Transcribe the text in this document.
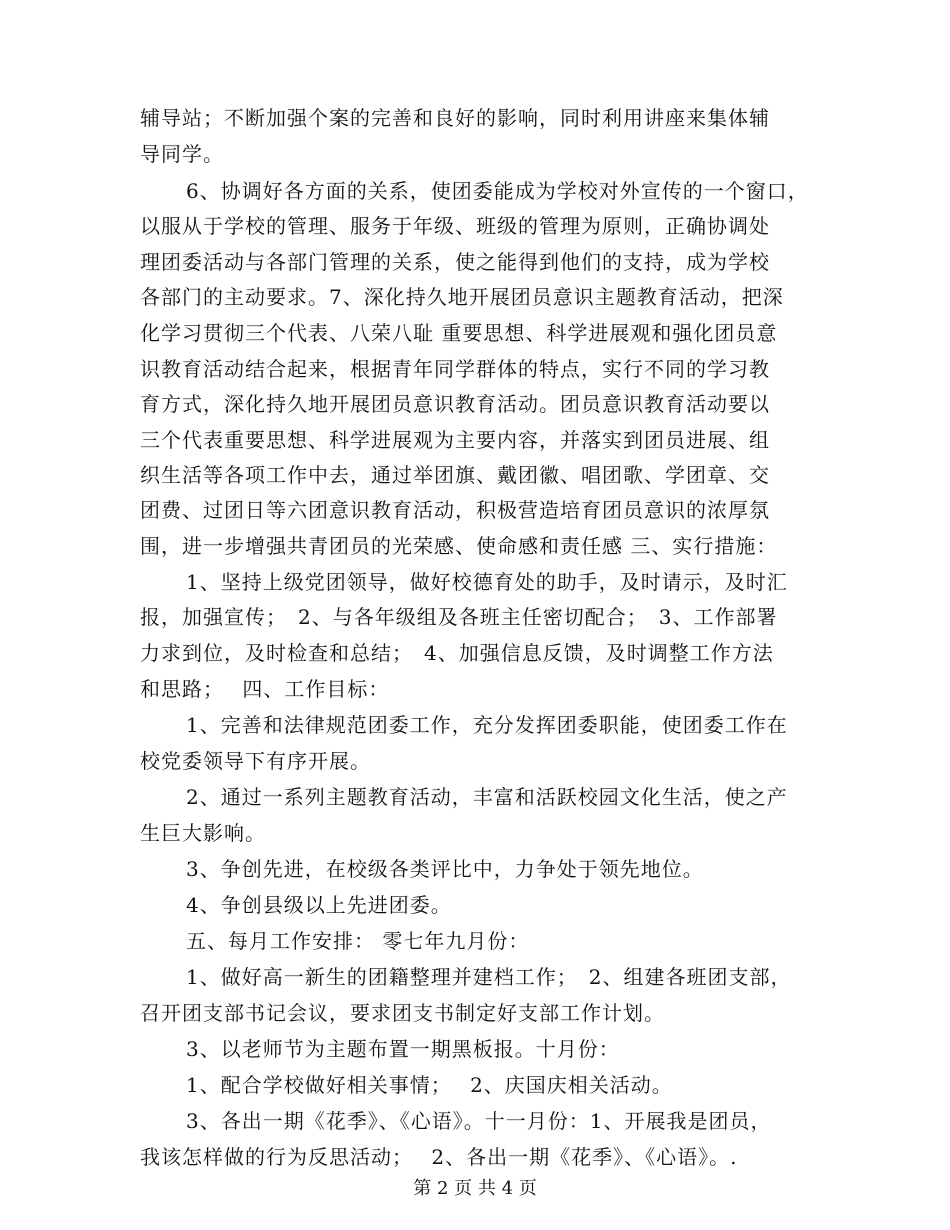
辅导站；不断加强个案的完善和良好的影响，同时利用讲座来集体辅
导同学。
6、协调好各方面的关系，使团委能成为学校对外宣传的一个窗口，
以服从于学校的管理、服务于年级、班级的管理为原则，正确协调处
理团委活动与各部门管理的关系，使之能得到他们的支持，成为学校
各部门的主动要求。7、深化持久地开展团员意识主题教育活动，把深
化学习贯彻三个代表、八荣八耻 重要思想、科学进展观和强化团员意
识教育活动结合起来，根据青年同学群体的特点，实行不同的学习教
育方式，深化持久地开展团员意识教育活动。团员意识教育活动要以
三个代表重要思想、科学进展观为主要内容，并落实到团员进展、组
织生活等各项工作中去，通过举团旗、戴团徽、唱团歌、学团章、交
团费、过团日等六团意识教育活动，积极营造培育团员意识的浓厚氛
围，进一步增强共青团员的光荣感、使命感和责任感 三、实行措施：
1、坚持上级党团领导，做好校德育处的助手，及时请示，及时汇
报，加强宣传；　2、与各年级组及各班主任密切配合；　3、工作部署
力求到位，及时检查和总结；　4、加强信息反馈，及时调整工作方法
和思路；　 四、工作目标：
1、完善和法律规范团委工作，充分发挥团委职能，使团委工作在
校党委领导下有序开展。
2、通过一系列主题教育活动，丰富和活跃校园文化生活，使之产
生巨大影响。
3、争创先进，在校级各类评比中，力争处于领先地位。
4、争创县级以上先进团委。
五、每月工作安排： 零七年九月份：
1、做好高一新生的团籍整理并建档工作；　2、组建各班团支部，
召开团支部书记会议，要求团支书制定好支部工作计划。
3、以老师节为主题布置一期黑板报。十月份：
1、配合学校做好相关事情；　 2、庆国庆相关活动。
3、各出一期《花季》、《心语》。十一月份：1、开展我是团员，
我该怎样做的行为反思活动；　 2、各出一期《花季》、《心语》。.
第 2 页 共 4 页
